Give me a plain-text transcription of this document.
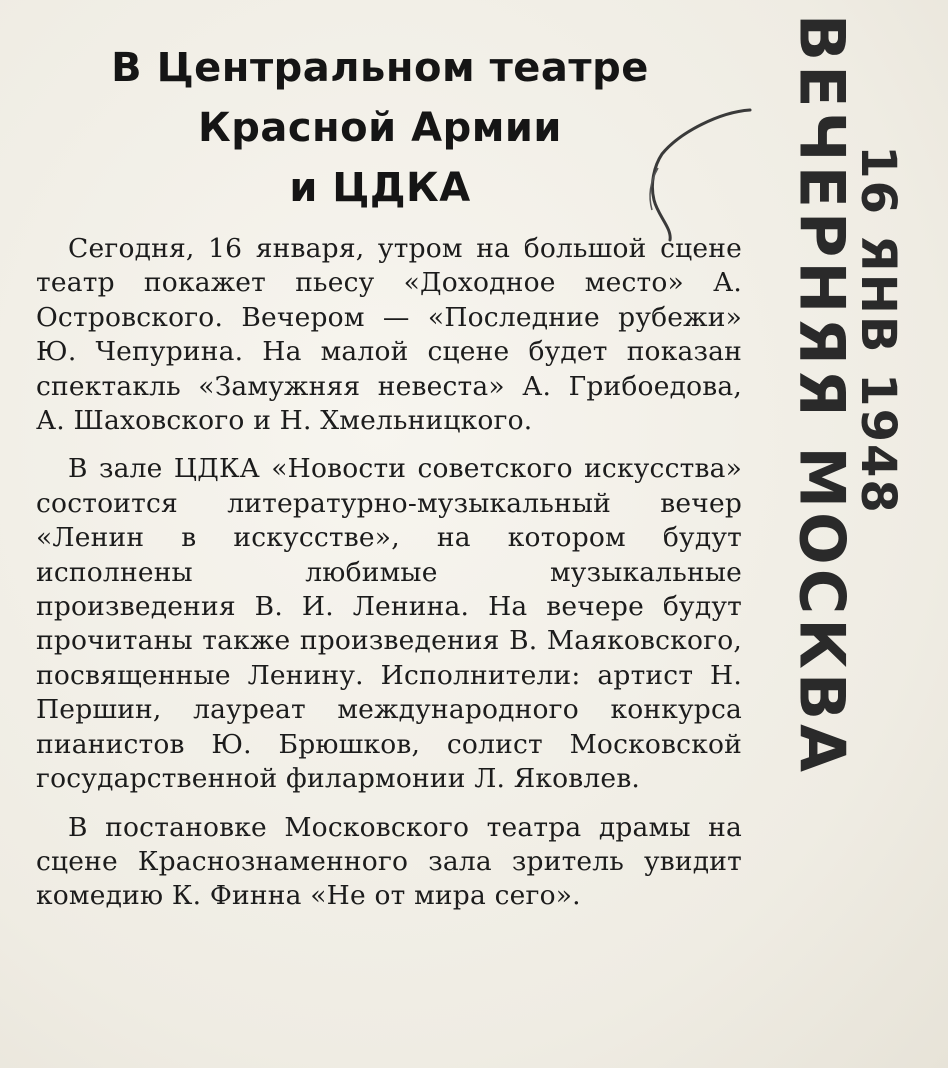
В Центральном театре
Красной Армии
и ЦДКА

Сегодня, 16 января, утром на большой сцене театр покажет пьесу «Доходное место» А. Островского. Вечером — «Последние рубежи» Ю. Чепурина. На малой сцене будет показан спектакль «Замужняя невеста» А. Грибоедова, А. Шаховского и Н. Хмельницкого.

В зале ЦДКА «Новости советского искусства» состоится литературно-музыкальный вечер «Ленин в искусстве», на котором будут исполнены любимые музыкальные произведения В. И. Ленина. На вечере будут прочитаны также произведения В. Маяковского, посвященные Ленину. Исполнители: артист Н. Першин, лауреат международного конкурса пианистов Ю. Брюшков, солист Московской государственной филармонии Л. Яковлев.

В постановке Московского театра драмы на сцене Краснознаменного зала зритель увидит комедию К. Финна «Не от мира сего».

ВЕЧЕРНЯЯ МОСКВА
16 ЯНВ 1948
